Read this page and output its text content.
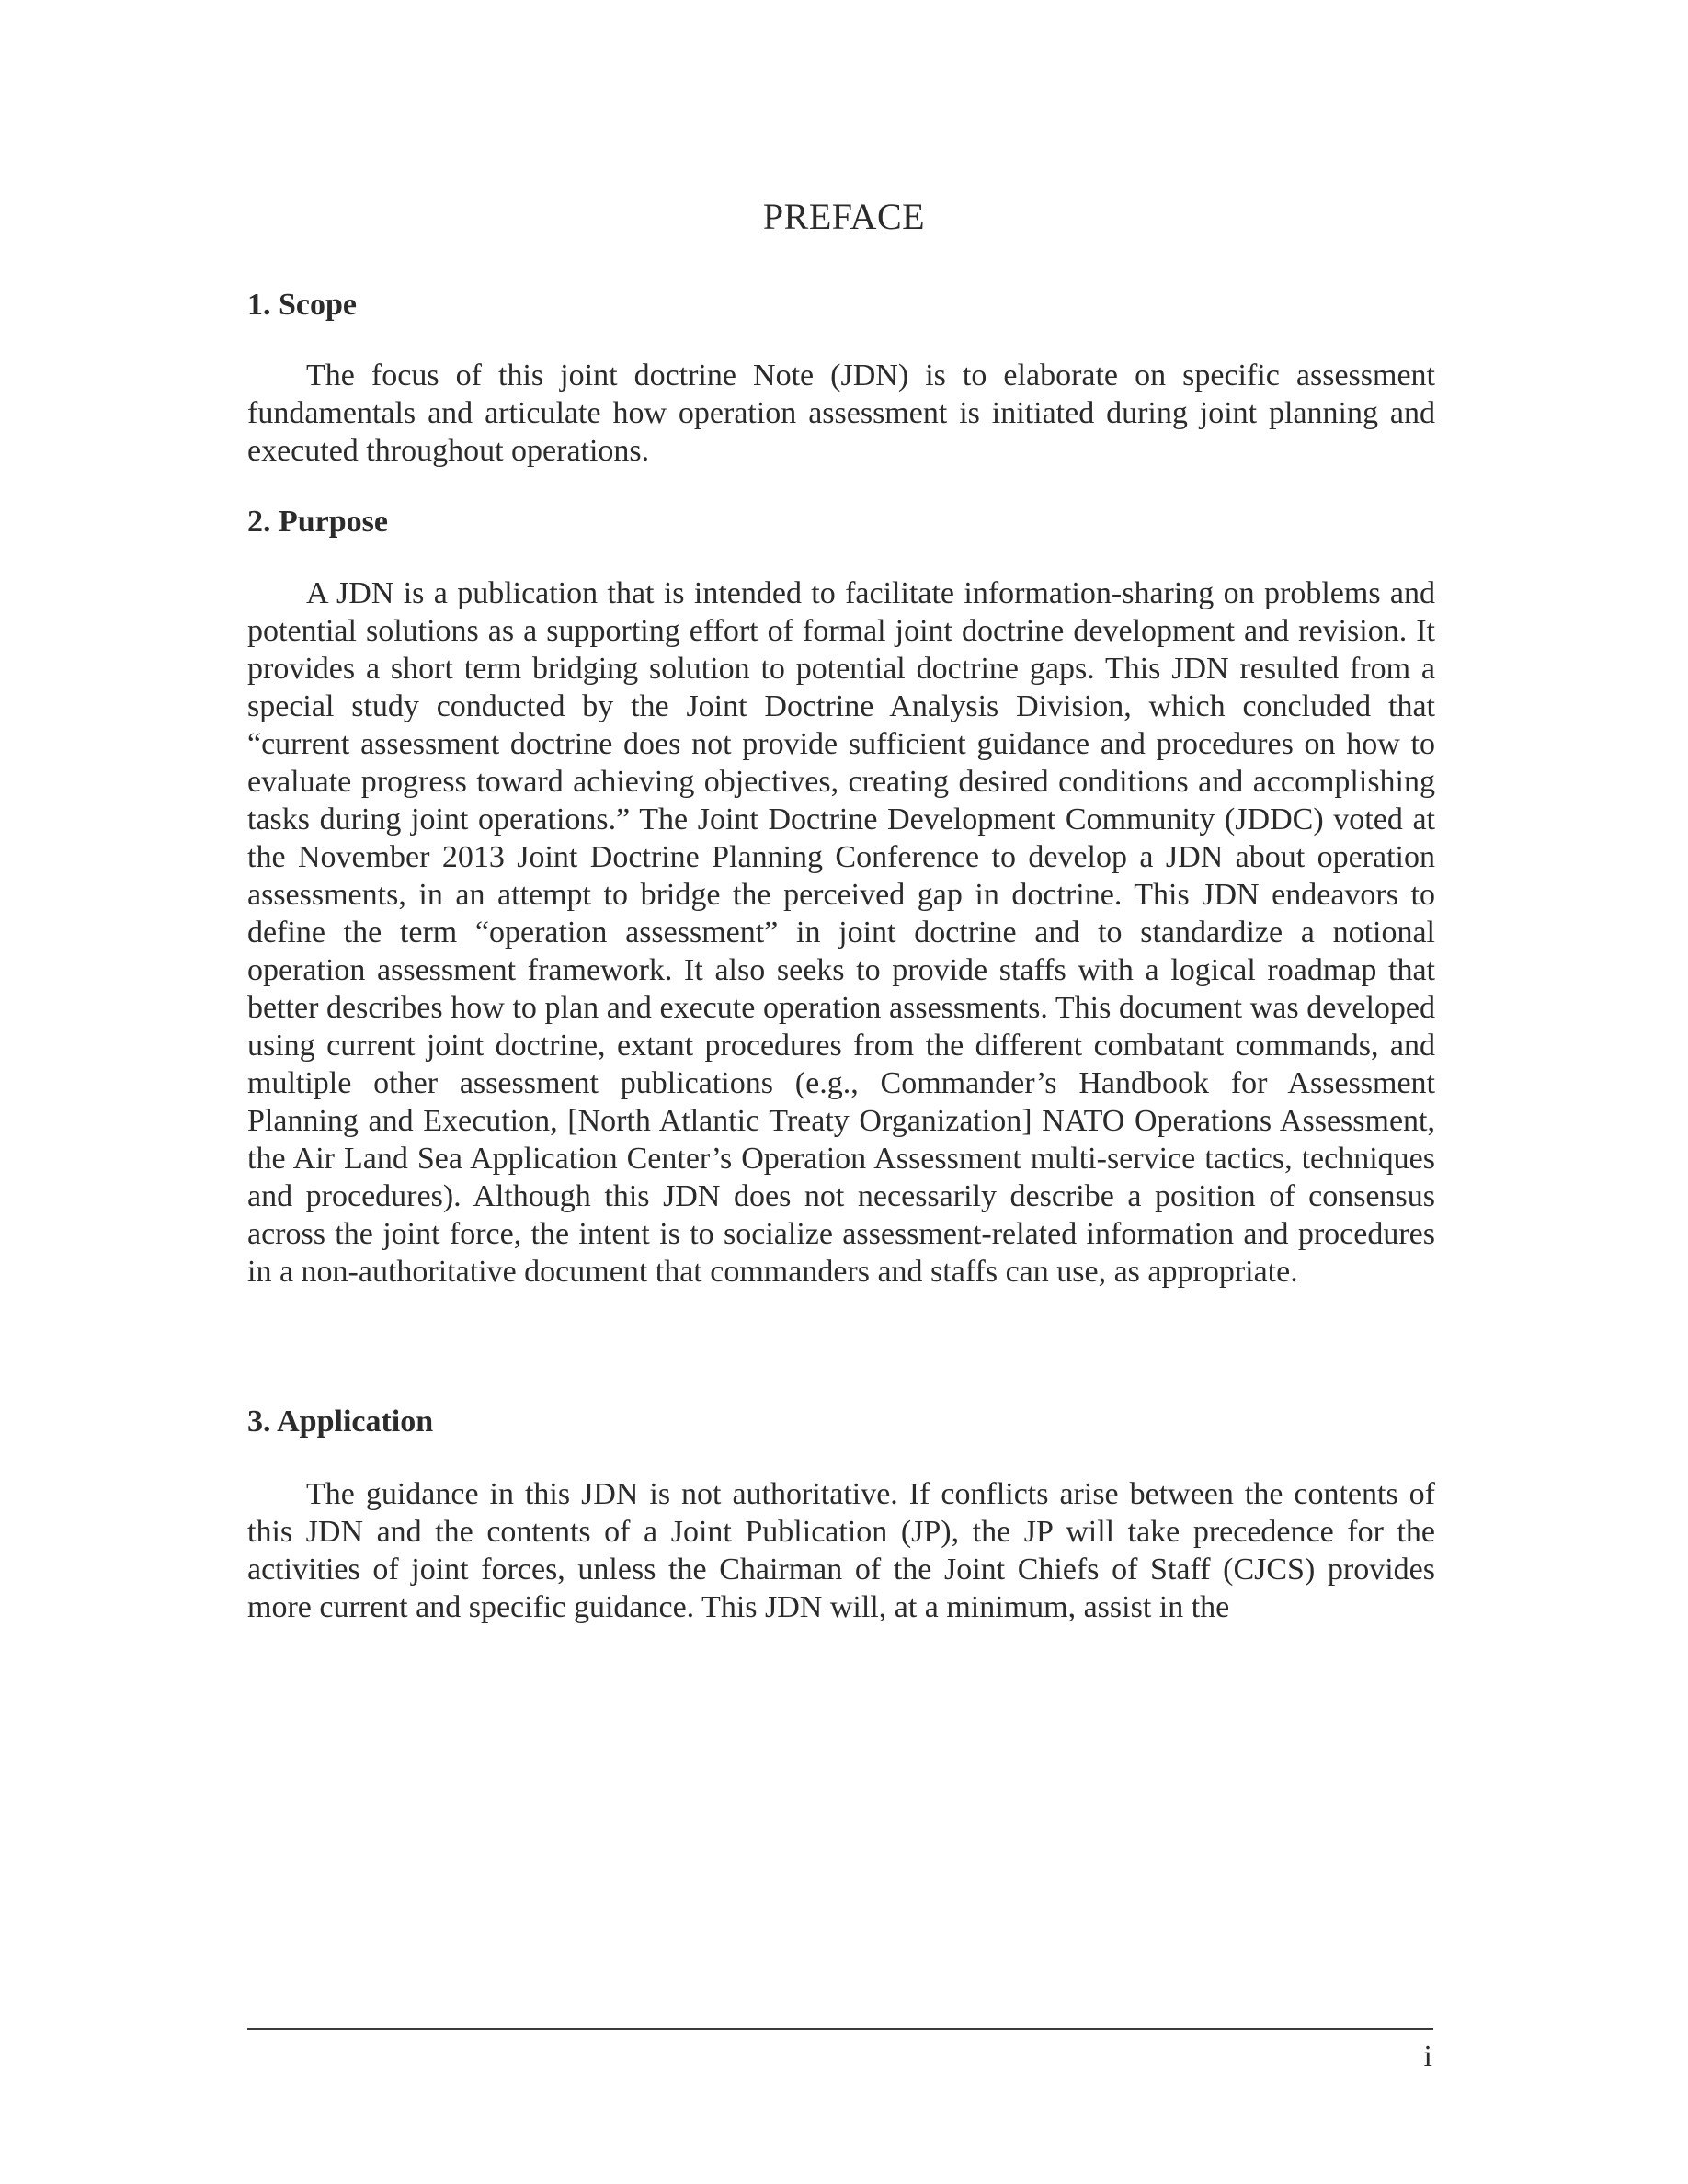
PREFACE
1. Scope

The focus of this joint doctrine Note (JDN) is to elaborate on specific assessment fundamentals and articulate how operation assessment is initiated during joint planning and executed throughout operations.

2. Purpose

A JDN is a publication that is intended to facilitate information-sharing on problems and potential solutions as a supporting effort of formal joint doctrine development and revision. It provides a short term bridging solution to potential doctrine gaps. This JDN resulted from a special study conducted by the Joint Doctrine Analysis Division, which concluded that “current assessment doctrine does not provide sufficient guidance and procedures on how to evaluate progress toward achieving objectives, creating desired conditions and accomplishing tasks during joint operations.” The Joint Doctrine Development Community (JDDC) voted at the November 2013 Joint Doctrine Planning Conference to develop a JDN about operation assessments, in an attempt to bridge the perceived gap in doctrine. This JDN endeavors to define the term “operation assessment” in joint doctrine and to standardize a notional operation assessment framework. It also seeks to provide staffs with a logical roadmap that better describes how to plan and execute operation assessments. This document was developed using current joint doctrine, extant procedures from the different combatant commands, and multiple other assessment publications (e.g., Commander’s Handbook for Assessment Planning and Execution, [North Atlantic Treaty Organization] NATO Operations Assessment, the Air Land Sea Application Center’s Operation Assessment multi-service tactics, techniques and procedures). Although this JDN does not necessarily describe a position of consensus across the joint force, the intent is to socialize assessment-related information and procedures in a non-authoritative document that commanders and staffs can use, as appropriate.

3. Application

The guidance in this JDN is not authoritative. If conflicts arise between the contents of this JDN and the contents of a Joint Publication (JP), the JP will take precedence for the activities of joint forces, unless the Chairman of the Joint Chiefs of Staff (CJCS) provides more current and specific guidance. This JDN will, at a minimum, assist in the

i
